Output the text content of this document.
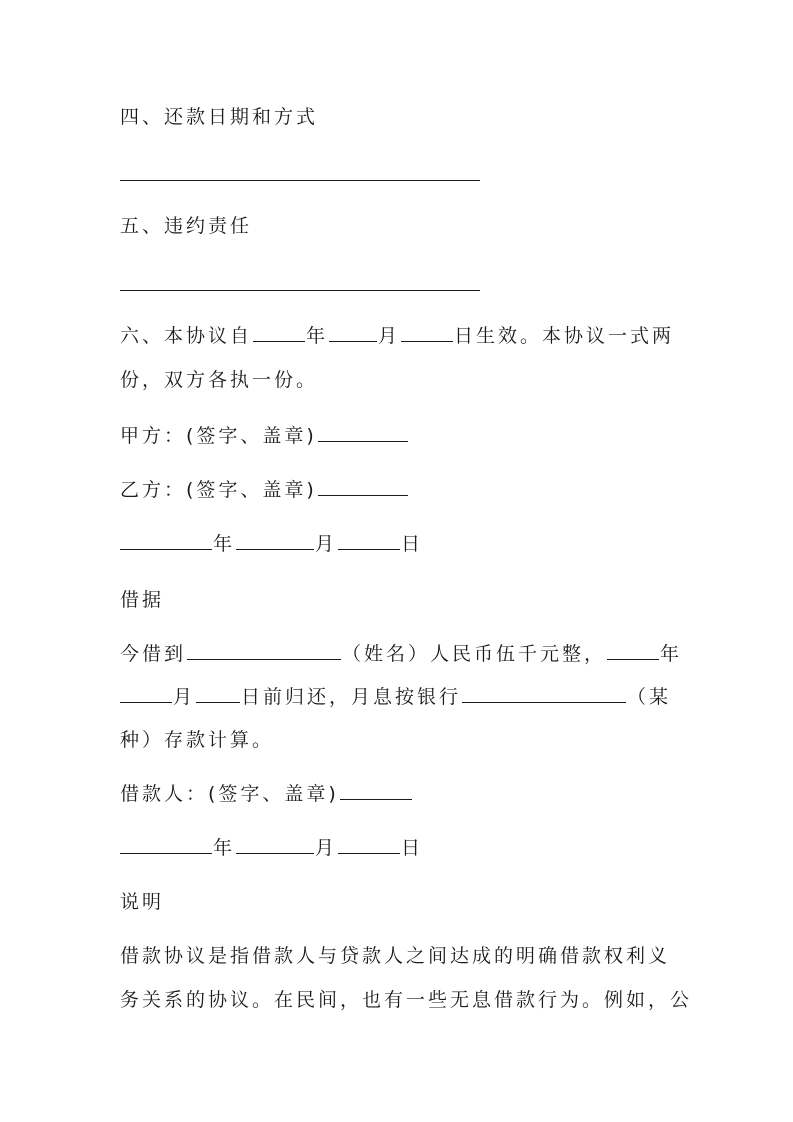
四、还款日期和方式
五、违约责任
六、本协议自	年	月	日生效。本协议一式两
份，双方各执一份。
甲方：(签字、盖章)
乙方：(签字、盖章)
年	月	日
借据
今借到	（姓名）人民币伍千元整，	年
月 日前归还，月息按银行	（某
种）存款计算。
借款人：(签字、盖章)
年	月	日
说明
借款协议是指借款人与贷款人之间达成的明确借款权利义
务关系的协议。在民间，也有一些无息借款行为。例如，公
